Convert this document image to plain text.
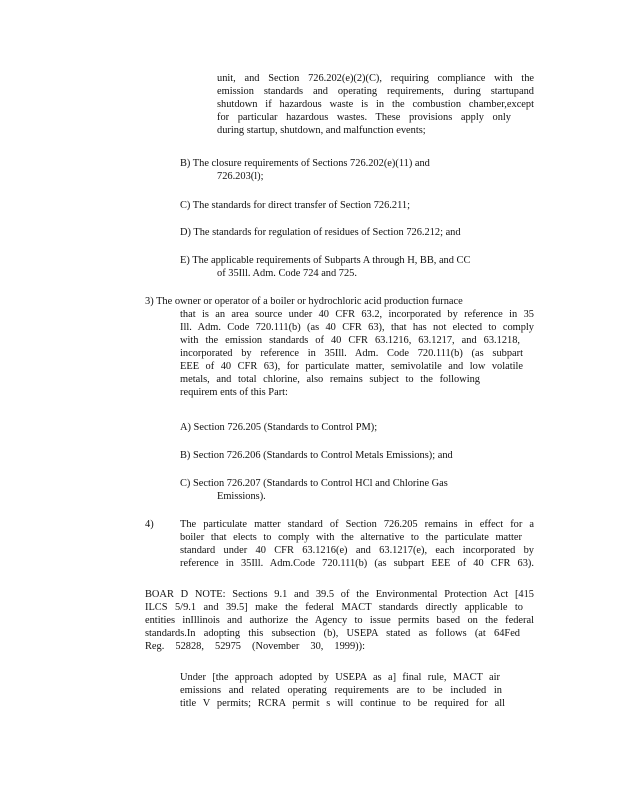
unit, and Section 726.202(e)(2)(C), requiring compliance with the

emission standards and operating requirements, during startupand

shutdown if hazardous waste is in the combustion chamber,except

for particular hazardous wastes. These provisions apply only

during startup, shutdown, and malfunction events;

B) The closure requirements of Sections 726.202(e)(11) and

726.203(l);

C) The standards for direct transfer of Section 726.211;

D) The standards for regulation of residues of Section 726.212; and

E) The applicable requirements of Subparts A through H, BB, and CC

of 35Ill. Adm. Code 724 and 725.

3) The owner or operator of a boiler or hydrochloric acid production furnace

that is an area source under 40 CFR 63.2, incorporated by reference in 35

Ill. Adm. Code 720.111(b) (as 40 CFR 63), that has not elected to comply

with the emission standards of 40 CFR 63.1216, 63.1217, and 63.1218,

incorporated by reference in 35Ill. Adm. Code 720.111(b) (as subpart

EEE of 40 CFR 63), for particulate matter, semivolatile and low volatile

metals, and total chlorine, also remains subject to the following

requirem ents of this Part:

A) Section 726.205 (Standards to Control PM);

B) Section 726.206 (Standards to Control Metals Emissions); and

C) Section 726.207 (Standards to Control HCl and Chlorine Gas

Emissions).

4)	The particulate matter standard of Section 726.205 remains in effect for a

boiler that elects to comply with the alternative to the particulate matter

standard under 40 CFR 63.1216(e) and 63.1217(e), each incorporated by

reference in 35Ill. Adm.Code 720.111(b) (as subpart EEE of 40 CFR 63).

BOAR D NOTE: Sections 9.1 and 39.5 of the Environmental Protection Act [415

ILCS 5/9.1 and 39.5] make the federal MACT standards directly applicable to

entities inIllinois and authorize the Agency to issue permits based on the federal

standards.In adopting this subsection (b), USEPA stated as follows (at 64Fed

Reg. 52828, 52975 (November 30, 1999)):

Under [the approach adopted by USEPA as a] final rule, MACT air

emissions and related operating requirements are to be included in

title V permits; RCRA permit s will continue to be required for all
